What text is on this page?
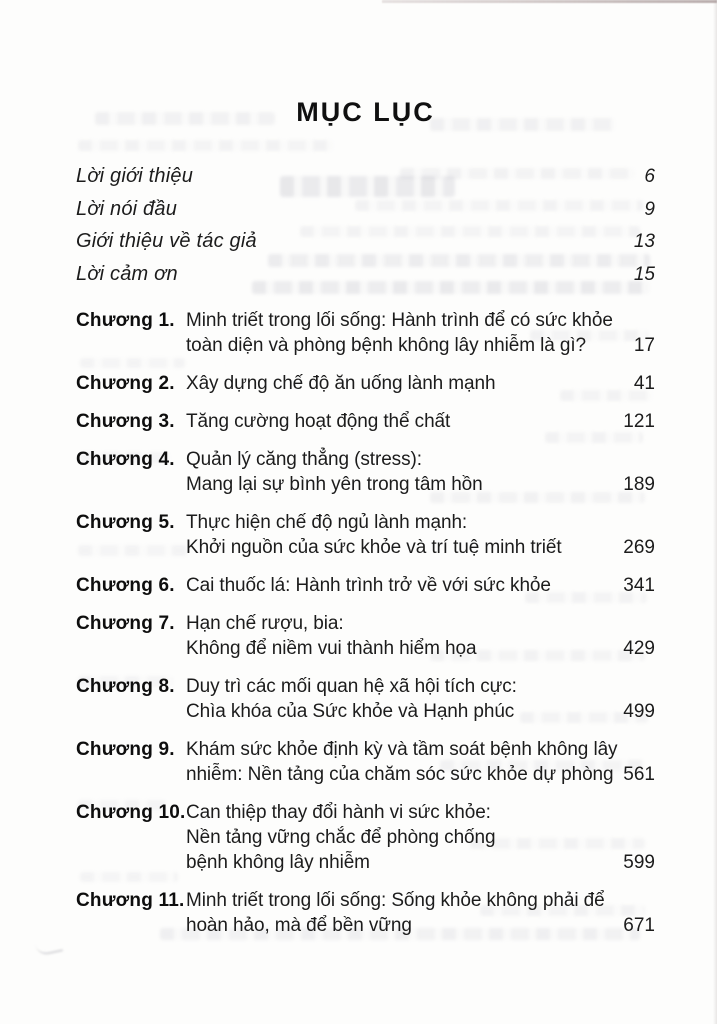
MỤC LỤC
Lời giới thiệu	6
Lời nói đầu	9
Giới thiệu về tác giả	13
Lời cảm ơn	15
Chương 1. Minh triết trong lối sống: Hành trình để có sức khỏe
toàn diện và phòng bệnh không lây nhiễm là gì?	17
Chương 2. Xây dựng chế độ ăn uống lành mạnh	41
Chương 3. Tăng cường hoạt động thể chất	121
Chương 4. Quản lý căng thẳng (stress):
Mang lại sự bình yên trong tâm hồn	189
Chương 5. Thực hiện chế độ ngủ lành mạnh:
Khởi nguồn của sức khỏe và trí tuệ minh triết	269
Chương 6. Cai thuốc lá: Hành trình trở về với sức khỏe	341
Chương 7. Hạn chế rượu, bia:
Không để niềm vui thành hiểm họa	429
Chương 8. Duy trì các mối quan hệ xã hội tích cực:
Chìa khóa của Sức khỏe và Hạnh phúc	499
Chương 9. Khám sức khỏe định kỳ và tầm soát bệnh không lây
nhiễm: Nền tảng của chăm sóc sức khỏe dự phòng 561
Chương 10. Can thiệp thay đổi hành vi sức khỏe:
Nền tảng vững chắc để phòng chống
bệnh không lây nhiễm	599
Chương 11. Minh triết trong lối sống: Sống khỏe không phải để
hoàn hảo, mà để bền vững	671
